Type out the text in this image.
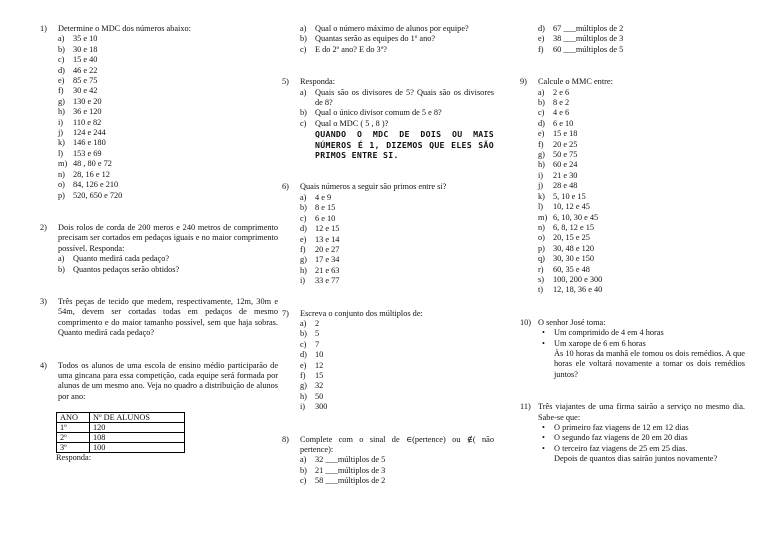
1)	Determine o MDC dos números abaixo:
a)	35 e 10
b) 30 e 18
c)	15 e 40
d) 46 e 22
e)	85 e 75
f)	30 e 42
g) 130 e 20
h) 36 e 120
i)	110 e 82
j)	124 e 244
k) 146 e 180
l)	153 e 69
m) 48 , 80 e 72
n) 28, 16 e 12
o) 84, 126 e 210
p) 520, 650 e 720
2)	Dois rolos de corda de 200 meros e 240 metros de comprimento precisam ser cortados em pedaços iguais e no maior comprimento possível. Responda:
a)	Quanto medirá cada pedaço?
b) Quantos pedaços serão obtidos?
3)	Três peças de tecido que medem, respectivamente, 12m, 30m e 54m, devem ser cortadas todas em pedaços de mesmo comprimento e do maior tamanho possível, sem que haja sobras. Quanto medirá cada pedaço?
4)	Todos os alunos de uma escola de ensino médio participarão de uma gincana para essa competição, cada equipe será formada por alunos de um mesmo ano. Veja no quadro a distribuição de alunos por ano:
ANO	Nº DE ALUNOS
1º	120
2º	108
3º	100
Responda:
a)	Qual o número máximo de alunos por equipe?
b) Quantas serão as equipes do 1º ano?
c)	E do 2º ano? E do 3º?
5)	Responda:
a)	Quais são os divisores de 5? Quais são os divisores de 8?
b) Qual o único divisor comum de 5 e 8?
c)	Qual o MDC ( 5 , 8 )?
QUANDO O MDC DE DOIS OU MAIS NÚMEROS É 1, DIZEMOS QUE ELES SÃO PRIMOS ENTRE SI.
6)	Quais números a seguir são primos entre si?
a)	4 e 9
b) 8 e 15
c)	6 e 10
d) 12 e 15
e)	13 e 14
f)	20 e 27
g) 17 e 34
h) 21 e 63
i)	33 e 77
7)	Escreva o conjunto dos múltiplos de:
a)	2
b) 5
c)	7
d) 10
e)	12
f)	15
g) 32
h) 50
i)	300
8)	Complete com o sinal de ∈(pertence) ou ∉( não pertence):
a)	32 ___múltiplos de 5
b) 21 ___múltiplos de 3
c)	58 ___múltiplos de 2
d) 67 ___múltiplos de 2
e)	38 ___múltiplos de 3
f)	60 ___múltiplos de 5
9)	Calcule o MMC entre:
a)	2 e 6
b) 8 e 2
c)	4 e 6
d) 6 e 10
e)	15 e 18
f)	20 e 25
g) 50 e 75
h) 60 e 24
i)	21 e 30
j)	28 e 48
k) 5, 10 e 15
l)	10, 12 e 45
m) 6, 10, 30 e 45
n) 6, 8, 12 e 15
o) 20, 15 e 25
p) 30, 48 e 120
q) 30, 30 e 150
r)	60, 35 e 48
s)	100, 200 e 300
t)	12, 18, 36 e 40
10) O senhor José toma:
•	Um comprimido de 4 em 4 horas
•	Um xarope de 6 em 6 horas
Às 10 horas da manhã ele tomou os dois remédios. A que horas ele voltará novamente a tomar os dois remédios juntos?
11) Três viajantes de uma firma sairão a serviço no mesmo dia. Sabe-se que:
•	O primeiro faz viagens de 12 em 12 dias
•	O segundo faz viagens de 20 em 20 dias
•	O terceiro faz viagens de 25 em 25 dias.
Depois de quantos dias sairão juntos novamente?
